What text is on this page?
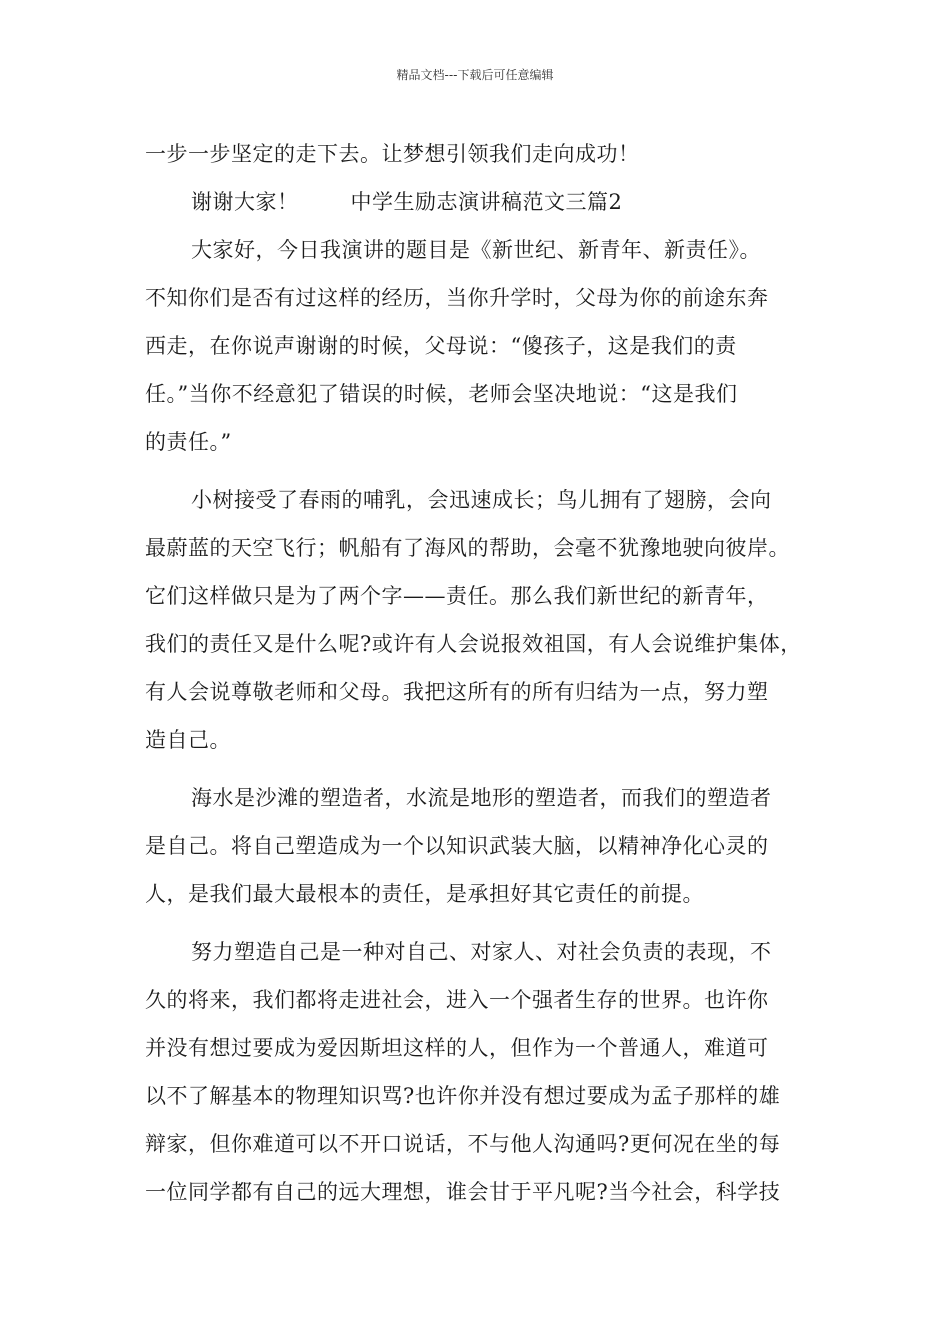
精品文档---下载后可任意编辑
一步一步坚定的走下去。让梦想引领我们走向成功！
谢谢大家！ 中学生励志演讲稿范文三篇2
大家好，今日我演讲的题目是《新世纪、新青年、新责任》。
不知你们是否有过这样的经历，当你升学时，父母为你的前途东奔
西走，在你说声谢谢的时候，父母说：“傻孩子，这是我们的责
任。”当你不经意犯了错误的时候，老师会坚决地说：“这是我们
的责任。”
小树接受了春雨的哺乳，会迅速成长；鸟儿拥有了翅膀，会向
最蔚蓝的天空飞行；帆船有了海风的帮助，会毫不犹豫地驶向彼岸。
它们这样做只是为了两个字——责任。那么我们新世纪的新青年，
我们的责任又是什么呢?或许有人会说报效祖国，有人会说维护集体，
有人会说尊敬老师和父母。我把这所有的所有归结为一点，努力塑
造自己。
海水是沙滩的塑造者，水流是地形的塑造者，而我们的塑造者
是自己。将自己塑造成为一个以知识武装大脑，以精神净化心灵的
人，是我们最大最根本的责任，是承担好其它责任的前提。
努力塑造自己是一种对自己、对家人、对社会负责的表现，不
久的将来，我们都将走进社会，进入一个强者生存的世界。也许你
并没有想过要成为爱因斯坦这样的人，但作为一个普通人，难道可
以不了解基本的物理知识骂?也许你并没有想过要成为孟子那样的雄
辩家，但你难道可以不开口说话，不与他人沟通吗?更何况在坐的每
一位同学都有自己的远大理想，谁会甘于平凡呢?当今社会，科学技
